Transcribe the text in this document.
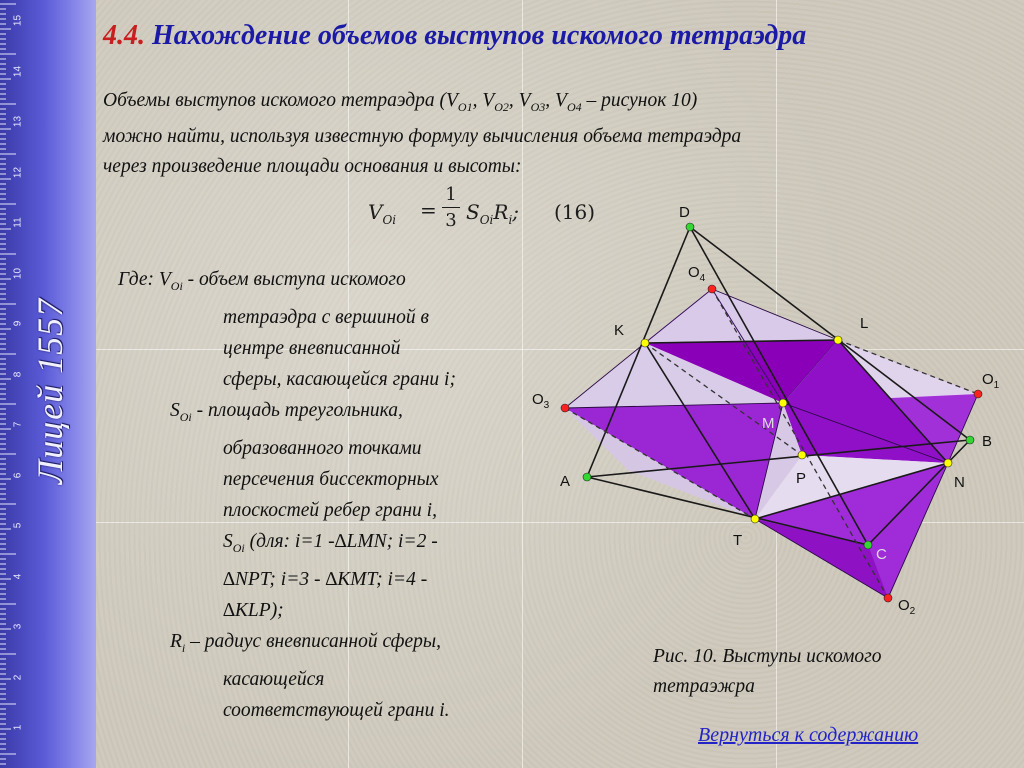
1
2
3
4
5
6
7
8
9
10
11
12
13
14
15
Лицей 1557
4.4. Нахождение объемов выступов искомого тетраэдра
Объемы выступов искомого тетраэдра ($V_{O1}$, $V_{O2}$, $V_{O3}$, $V_{O4}$ – рисунок 10)
можно найти, используя известную формулу вычисления объема тетраэдра
через произведение площади основания и высоты:
$V_{Oi}$ =
1
3 $S_{Oi}R_i$; (16)
Где: $V_{Oi}$ - объем выступа искомого
тетраэдра с вершиной в
центре вневписанной
сферы, касающейся грани i;
$S_{Oi}$ - площадь треугольника,
образованного точками
персечения биссекторных
плоскостей ребер грани i,
$S_{Oi}$ (для: i=1 -∆LMN; i=2 -
∆NPT; i=3 - ∆KMT; i=4 -
∆KLP);
$R_i$ – радиус вневписанной сферы,
касающейся
соответствующей грани i.
D
$O_4$
K	L
$O_1$
$O_3$
M
B
A	P	N
T
C
$O_2$
Рис. 10. Выступы искомого
тетраэжра
Вернуться к содержанию
